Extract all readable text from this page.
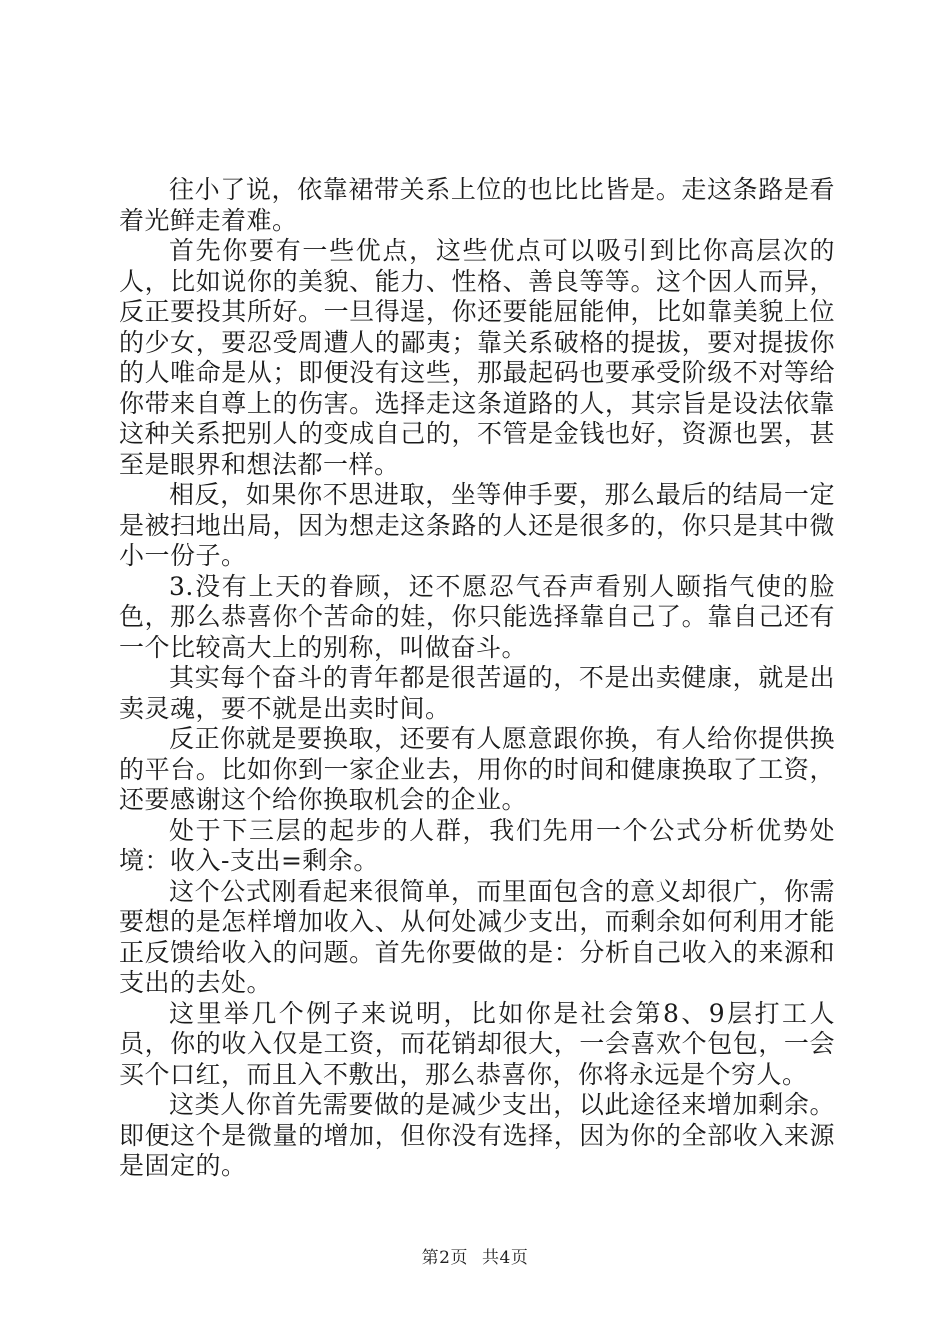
往小了说，依靠裙带关系上位的也比比皆是。走这条路是看着光鲜走着难。

首先你要有一些优点，这些优点可以吸引到比你高层次的人，比如说你的美貌、能力、性格、善良等等。这个因人而异，反正要投其所好。一旦得逞，你还要能屈能伸，比如靠美貌上位的少女，要忍受周遭人的鄙夷；靠关系破格的提拔，要对提拔你的人唯命是从；即便没有这些，那最起码也要承受阶级不对等给你带来自尊上的伤害。选择走这条道路的人，其宗旨是设法依靠这种关系把别人的变成自己的，不管是金钱也好，资源也罢，甚至是眼界和想法都一样。

相反，如果你不思进取，坐等伸手要，那么最后的结局一定是被扫地出局，因为想走这条路的人还是很多的，你只是其中微小一份子。

3.没有上天的眷顾，还不愿忍气吞声看别人颐指气使的脸色，那么恭喜你个苦命的娃，你只能选择靠自己了。靠自己还有一个比较高大上的别称，叫做奋斗。

其实每个奋斗的青年都是很苦逼的，不是出卖健康，就是出卖灵魂，要不就是出卖时间。

反正你就是要换取，还要有人愿意跟你换，有人给你提供换的平台。比如你到一家企业去，用你的时间和健康换取了工资，还要感谢这个给你换取机会的企业。

处于下三层的起步的人群，我们先用一个公式分析优势处境：收入-支出=剩余。

这个公式刚看起来很简单，而里面包含的意义却很广，你需要想的是怎样增加收入、从何处减少支出，而剩余如何利用才能正反馈给收入的问题。首先你要做的是：分析自己收入的来源和支出的去处。

这里举几个例子来说明，比如你是社会第8、9层打工人员，你的收入仅是工资，而花销却很大，一会喜欢个包包，一会买个口红，而且入不敷出，那么恭喜你，你将永远是个穷人。

这类人你首先需要做的是减少支出，以此途径来增加剩余。即便这个是微量的增加，但你没有选择，因为你的全部收入来源是固定的。

第2页 共4页
